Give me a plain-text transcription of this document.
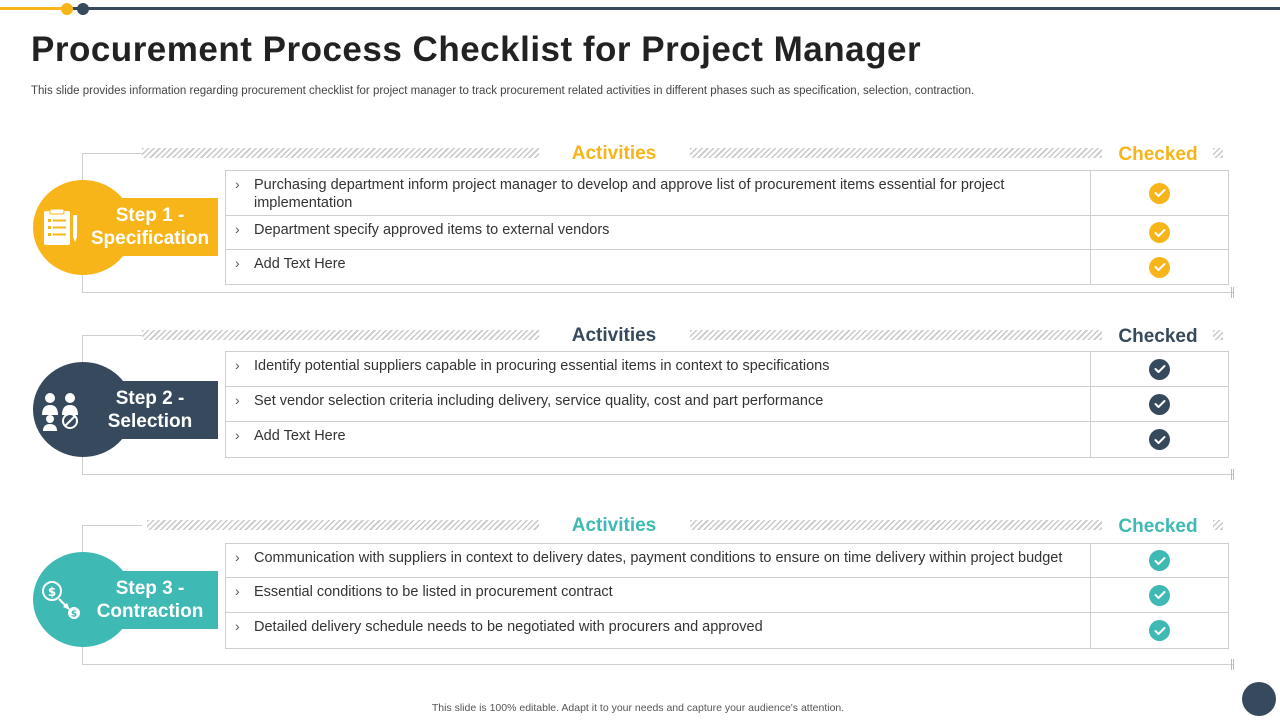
Procurement Process Checklist for Project Manager
This slide provides information regarding procurement checklist for project manager to track procurement related activities in different phases such as specification, selection, contraction.
Activities	Checked
Step 1 -
Specification
› Purchasing department inform project manager to develop and approve list of procurement items essential for project implementation
› Department specify approved items to external vendors
› Add Text Here
Activities	Checked
Step 2 -
Selection
› Identify potential suppliers capable in procuring essential items in context to specifications
› Set vendor selection criteria including delivery, service quality, cost and part performance
› Add Text Here
Activities	Checked
$
$
Step 3 -
Contraction
› Communication with suppliers in context to delivery dates, payment conditions to ensure on time delivery within project budget
› Essential conditions to be listed in procurement contract
› Detailed delivery schedule needs to be negotiated with procurers and approved
This slide is 100% editable. Adapt it to your needs and capture your audience's attention.
